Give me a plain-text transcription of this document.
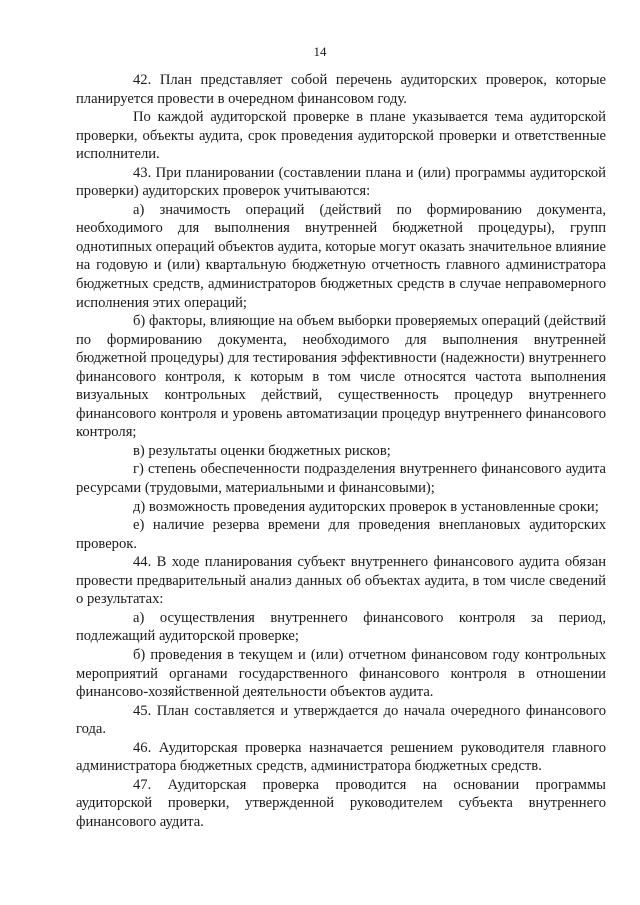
14

42. План представляет собой перечень аудиторских проверок, которые планируется провести в очередном финансовом году.

По каждой аудиторской проверке в плане указывается тема аудиторской проверки, объекты аудита, срок проведения аудиторской проверки и ответственные исполнители.

43. При планировании (составлении плана и (или) программы аудиторской проверки) аудиторских проверок учитываются:

а) значимость операций (действий по формированию документа, необходимого для выполнения внутренней бюджетной процедуры), групп однотипных операций объектов аудита, которые могут оказать значительное влияние на годовую и (или) квартальную бюджетную отчетность главного администратора бюджетных средств, администраторов бюджетных средств в случае неправомерного исполнения этих операций;

б) факторы, влияющие на объем выборки проверяемых операций (действий по формированию документа, необходимого для выполнения внутренней бюджетной процедуры) для тестирования эффективности (надежности) внутреннего финансового контроля, к которым в том числе относятся частота выполнения визуальных контрольных действий, существенность процедур внутреннего финансового контроля и уровень автоматизации процедур внутреннего финансового контроля;

в) результаты оценки бюджетных рисков;

г) степень обеспеченности подразделения внутреннего финансового аудита ресурсами (трудовыми, материальными и финансовыми);

д) возможность проведения аудиторских проверок в установленные сроки;

е) наличие резерва времени для проведения внеплановых аудиторских проверок.

44. В ходе планирования субъект внутреннего финансового аудита обязан провести предварительный анализ данных об объектах аудита, в том числе сведений о результатах:

а) осуществления внутреннего финансового контроля за период, подлежащий аудиторской проверке;

б) проведения в текущем и (или) отчетном финансовом году контрольных мероприятий органами государственного финансового контроля в отношении финансово-хозяйственной деятельности объектов аудита.

45. План составляется и утверждается до начала очередного финансового года.

46. Аудиторская проверка назначается решением руководителя главного администратора бюджетных средств, администратора бюджетных средств.

47. Аудиторская проверка проводится на основании программы аудиторской проверки, утвержденной руководителем субъекта внутреннего финансового аудита.
